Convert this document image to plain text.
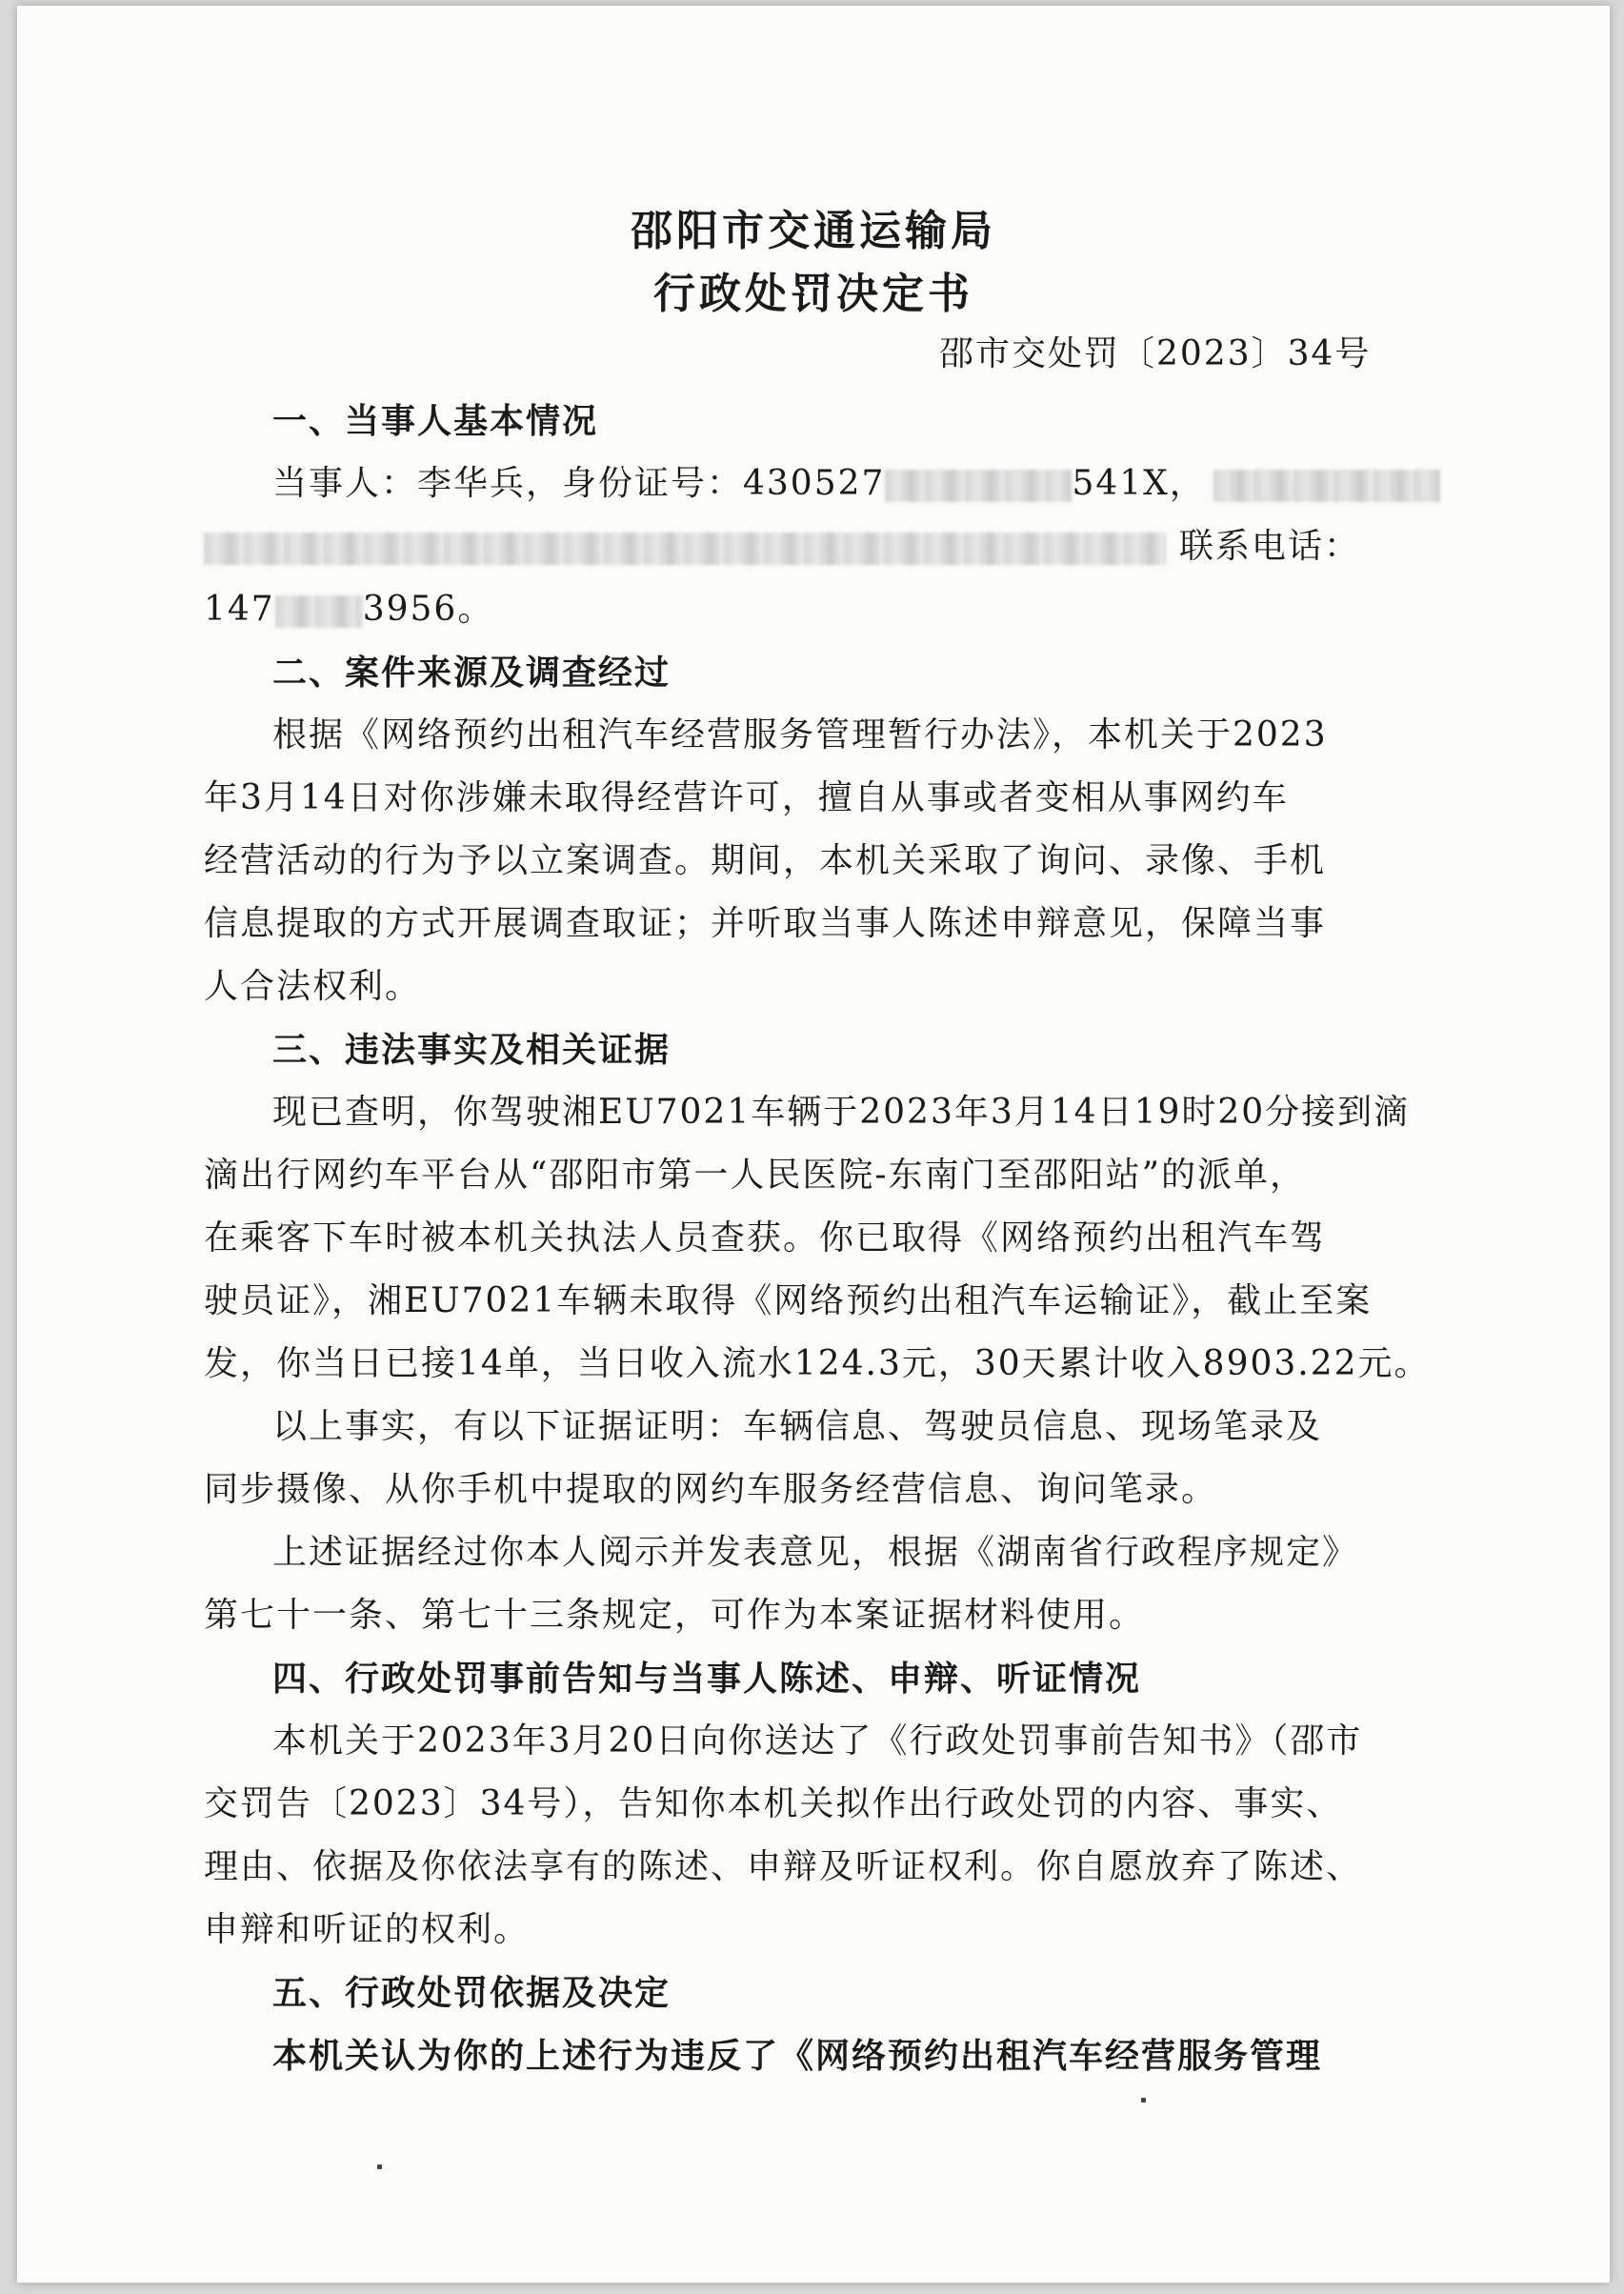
邵阳市交通运输局
行政处罚决定书
邵市交处罚〔2023〕34号
一、当事人基本情况
当事人：李华兵，身份证号：430527	541X，
联系电话：
147	3956。
二、案件来源及调查经过
根据《网络预约出租汽车经营服务管理暂行办法》，本机关于2023
年3月14日对你涉嫌未取得经营许可，擅自从事或者变相从事网约车
经营活动的行为予以立案调查。期间，本机关采取了询问、录像、手机
信息提取的方式开展调查取证；并听取当事人陈述申辩意见，保障当事
人合法权利。
三、违法事实及相关证据
现已查明，你驾驶湘EU7021车辆于2023年3月14日19时20分接到滴
滴出行网约车平台从“邵阳市第一人民医院-东南门至邵阳站”的派单，
在乘客下车时被本机关执法人员查获。你已取得《网络预约出租汽车驾
驶员证》，湘EU7021车辆未取得《网络预约出租汽车运输证》，截止至案
发，你当日已接14单，当日收入流水124.3元，30天累计收入8903.22元。
以上事实，有以下证据证明：车辆信息、驾驶员信息、现场笔录及
同步摄像、从你手机中提取的网约车服务经营信息、询问笔录。
上述证据经过你本人阅示并发表意见，根据《湖南省行政程序规定》
第七十一条、第七十三条规定，可作为本案证据材料使用。
四、行政处罚事前告知与当事人陈述、申辩、听证情况
本机关于2023年3月20日向你送达了《行政处罚事前告知书》（邵市
交罚告〔2023〕34号），告知你本机关拟作出行政处罚的内容、事实、
理由、依据及你依法享有的陈述、申辩及听证权利。你自愿放弃了陈述、
申辩和听证的权利。
五、行政处罚依据及决定
本机关认为你的上述行为违反了《网络预约出租汽车经营服务管理
